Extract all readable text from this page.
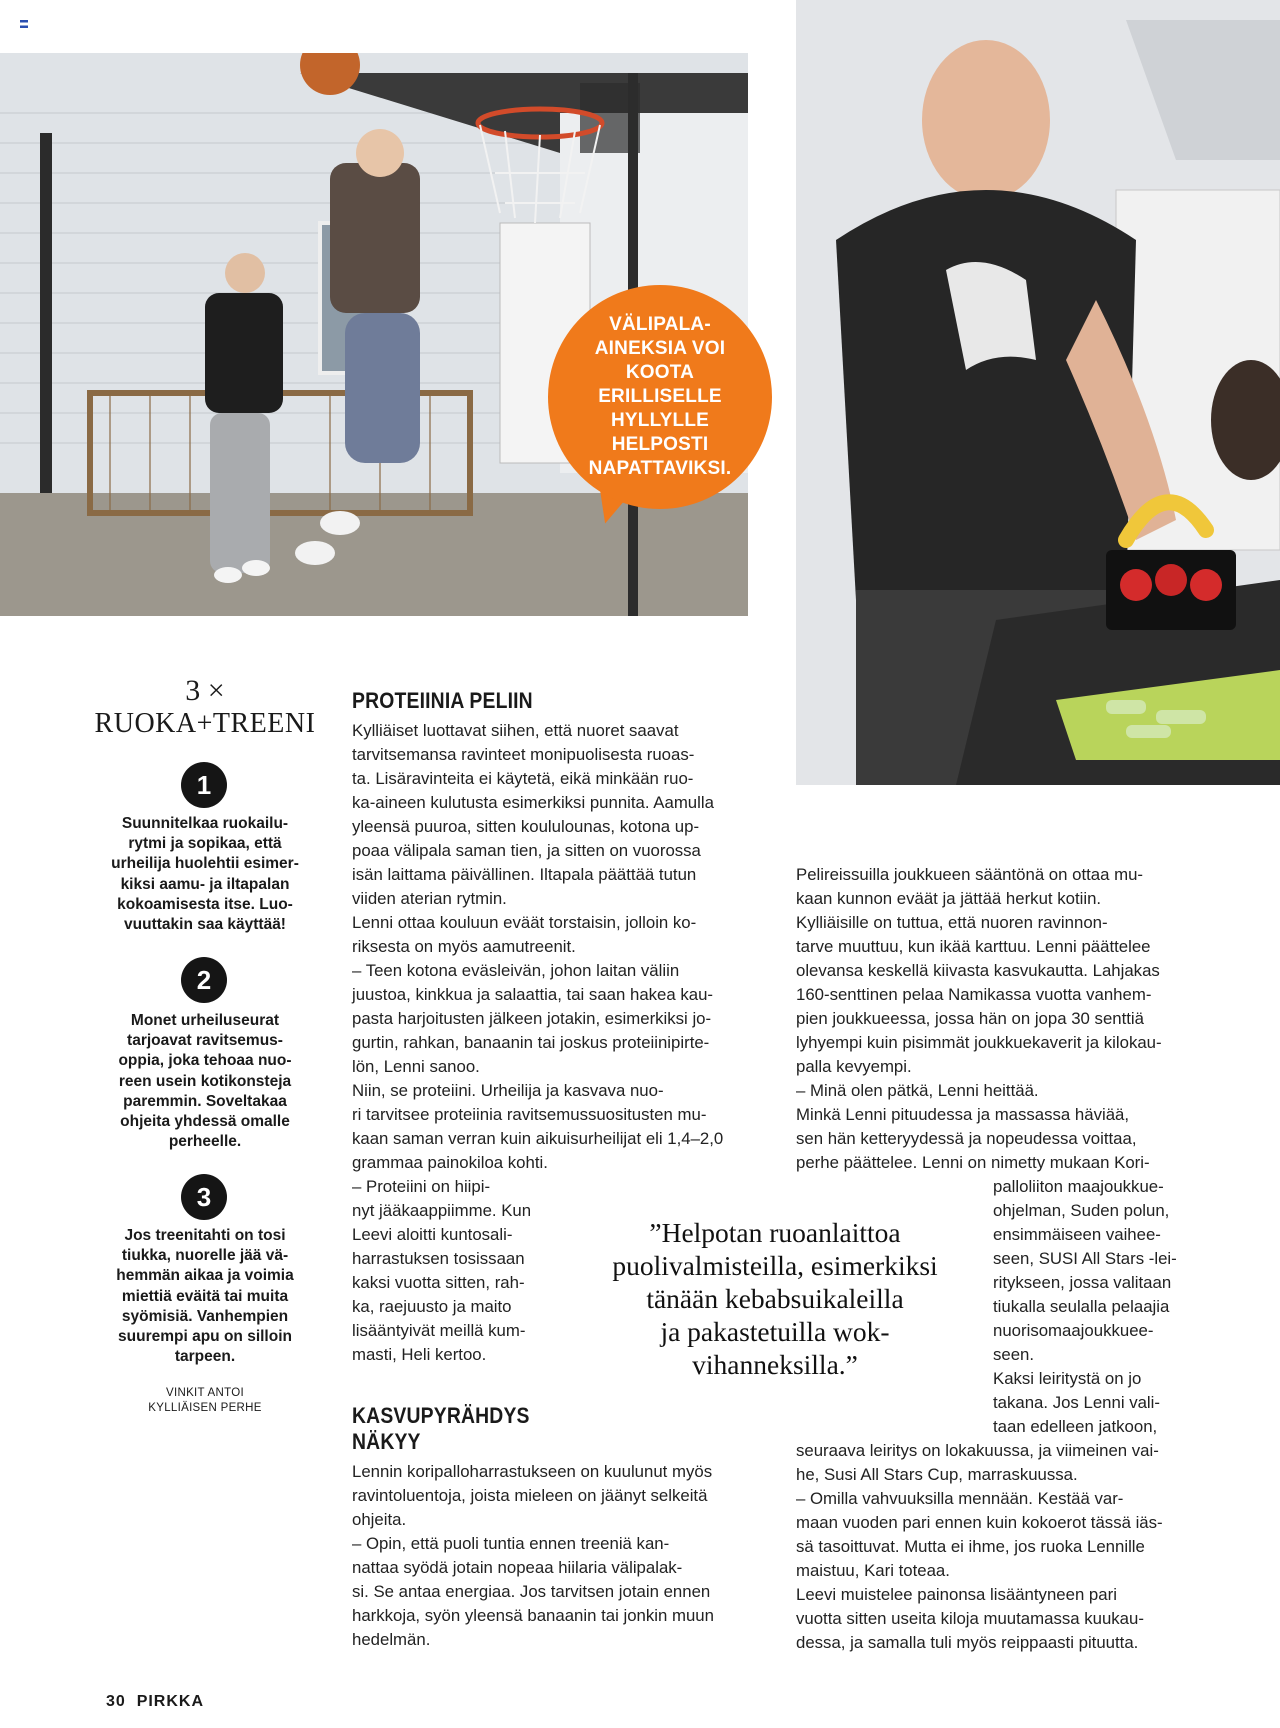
VÄLIPALA-
AINEKSIA VOI
KOOTA ERILLISELLE
HYLLYLLE HELPOSTI
NAPATTAVIKSI.
3 ×
RUOKA+TREENI
1
Suunnitelkaa ruokailu-
rytmi ja sopikaa, että
urheilija huolehtii esimer-
kiksi aamu- ja iltapalan
kokoamisesta itse. Luo-
vuuttakin saa käyttää!
2
Monet urheiluseurat
tarjoavat ravitsemus-
oppia, joka tehoaa nuo-
reen usein kotikonsteja
paremmin. Soveltakaa
ohjeita yhdessä omalle
perheelle.
3
Jos treenitahti on tosi
tiukka, nuorelle jää vä-
hemmän aikaa ja voimia
miettiä eväitä tai muita
syömisiä. Vanhempien
suurempi apu on silloin
tarpeen.
VINKIT ANTOI
KYLLIÄISEN PERHE
PROTEIINIA PELIIN
Kylliäiset luottavat siihen, että nuoret saavat
tarvitsemansa ravinteet monipuolisesta ruoas-
ta. Lisäravinteita ei käytetä, eikä minkään ruo-
ka-aineen kulutusta esimerkiksi punnita. Aamulla
yleensä puuroa, sitten koululounas, kotona up-
poaa välipala saman tien, ja sitten on vuorossa
isän laittama päivällinen. Iltapala päättää tutun
viiden aterian rytmin.
Lenni ottaa kouluun eväät torstaisin, jolloin ko-
riksesta on myös aamutreenit.
– Teen kotona eväsleivän, johon laitan väliin
juustoa, kinkkua ja salaattia, tai saan hakea kau-
pasta harjoitusten jälkeen jotakin, esimerkiksi jo-
gurtin, rahkan, banaanin tai joskus proteiinipirte-
lön, Lenni sanoo.
Niin, se proteiini. Urheilija ja kasvava nuo-
ri tarvitsee proteiinia ravitsemussuositusten mu-
kaan saman verran kuin aikuisurheilijat eli 1,4–2,0
grammaa painokiloa kohti.
– Proteiini on hiipi-
nyt jääkaappiimme. Kun
Leevi aloitti kuntosali-
harrastuksen tosissaan
kaksi vuotta sitten, rah-
ka, raejuusto ja maito
lisääntyivät meillä kum-
masti, Heli kertoo.
KASVUPYRÄHDYS
NÄKYY
Lennin koripalloharrastukseen on kuulunut myös
ravintoluentoja, joista mieleen on jäänyt selkeitä
ohjeita.
– Opin, että puoli tuntia ennen treeniä kan-
nattaa syödä jotain nopeaa hiilaria välipalak-
si. Se antaa energiaa. Jos tarvitsen jotain ennen
harkkoja, syön yleensä banaanin tai jonkin muun
hedelmän.
”Helpotan ruoanlaittoa
puolivalmisteilla, esimerkiksi
tänään kebabsuikaleilla
ja pakastetuilla wok-
vihanneksilla.”
Pelireissuilla joukkueen sääntönä on ottaa mu-
kaan kunnon eväät ja jättää herkut kotiin.
Kylliäisille on tuttua, että nuoren ravinnon-
tarve muuttuu, kun ikää karttuu. Lenni päättelee
olevansa keskellä kiivasta kasvukautta. Lahjakas
160-senttinen pelaa Namikassa vuotta vanhem-
pien joukkueessa, jossa hän on jopa 30 senttiä
lyhyempi kuin pisimmät joukkuekaverit ja kilokau-
palla kevyempi.
– Minä olen pätkä, Lenni heittää.
Minkä Lenni pituudessa ja massassa häviää,
sen hän ketteryydessä ja nopeudessa voittaa,
perhe päättelee. Lenni on nimetty mukaan Kori-
palloliiton maajoukkue-
ohjelman, Suden polun,
ensimmäiseen vaihee-
seen, SUSI All Stars -lei-
ritykseen, jossa valitaan
tiukalla seulalla pelaajia
nuorisomaajoukkuee-
seen.
Kaksi leiritystä on jo
takana. Jos Lenni vali-
taan edelleen jatkoon,
seuraava leiritys on lokakuussa, ja viimeinen vai-
he, Susi All Stars Cup, marraskuussa.
– Omilla vahvuuksilla mennään. Kestää var-
maan vuoden pari ennen kuin kokoerot tässä iäs-
sä tasoittuvat. Mutta ei ihme, jos ruoka Lennille
maistuu, Kari toteaa.
Leevi muistelee painonsa lisääntyneen pari
vuotta sitten useita kiloja muutamassa kuukau-
dessa, ja samalla tuli myös reippaasti pituutta.
30 PIRKKA
